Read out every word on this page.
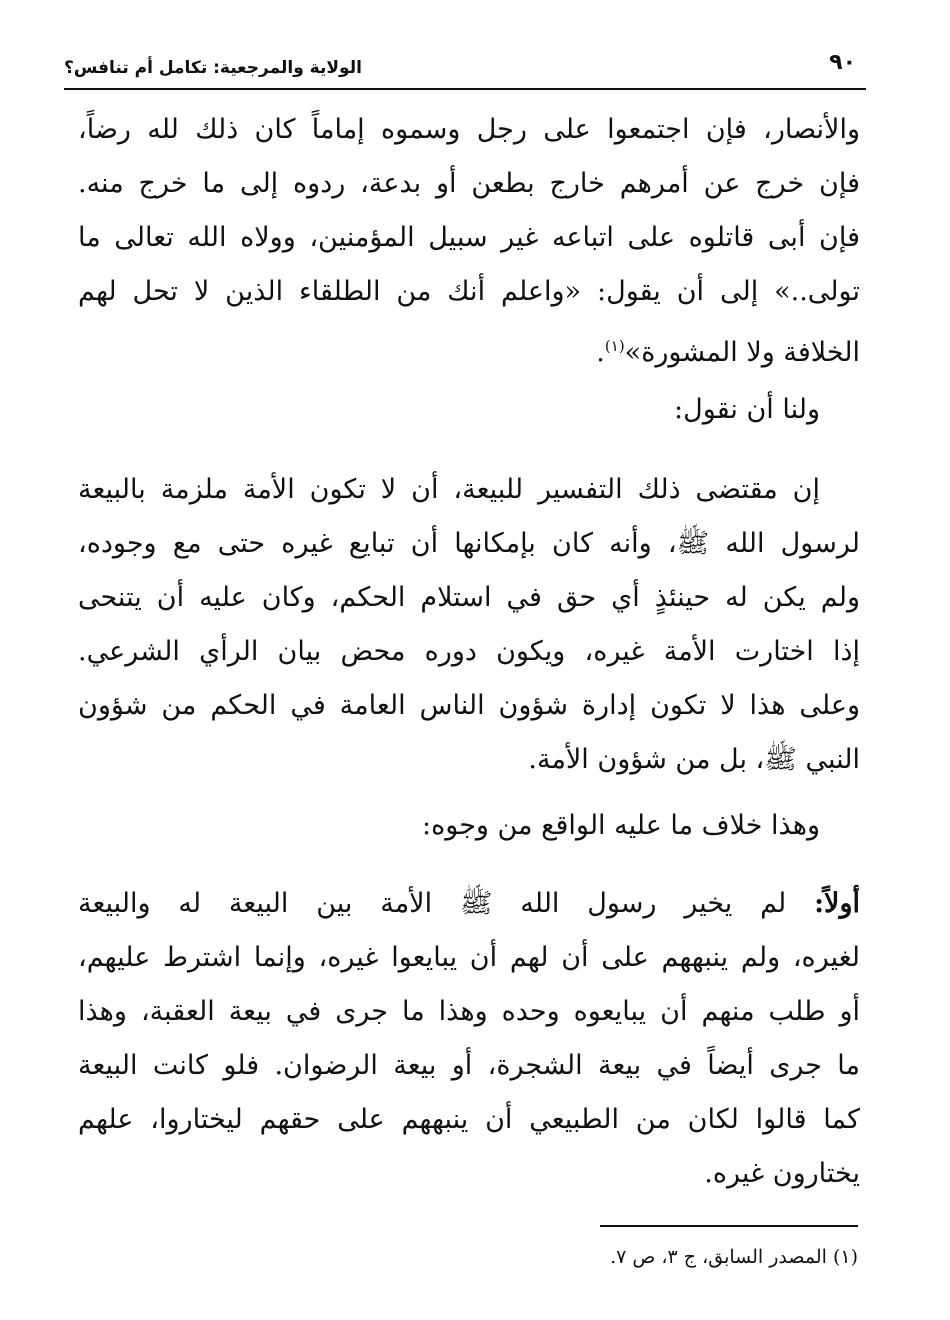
٩٠
الولاية والمرجعية: تكامل أم تنافس؟
والأنصار، فإن اجتمعوا على رجل وسموه إماماً كان ذلك لله رضاً،
فإن خرج عن أمرهم خارج بطعن أو بدعة، ردوه إلى ما خرج منه.
فإن أبى قاتلوه على اتباعه غير سبيل المؤمنين، وولاه الله تعالى ما
تولى..» إلى أن يقول: «واعلم أنك من الطلقاء الذين لا تحل لهم
الخلافة ولا المشورة»$^{(١)}$.
ولنا أن نقول:
إن مقتضى ذلك التفسير للبيعة، أن لا تكون الأمة ملزمة بالبيعة
لرسول الله ﷺ، وأنه كان بإمكانها أن تبايع غيره حتى مع وجوده،
ولم يكن له حينئذٍ أي حق في استلام الحكم، وكان عليه أن يتنحى
إذا اختارت الأمة غيره، ويكون دوره محض بيان الرأي الشرعي.
وعلى هذا لا تكون إدارة شؤون الناس العامة في الحكم من شؤون
النبي ﷺ، بل من شؤون الأمة.
وهذا خلاف ما عليه الواقع من وجوه:
أولاً: لم يخير رسول الله ﷺ الأمة بين البيعة له والبيعة
لغيره، ولم ينبههم على أن لهم أن يبايعوا غيره، وإنما اشترط عليهم،
أو طلب منهم أن يبايعوه وحده وهذا ما جرى في بيعة العقبة، وهذا
ما جرى أيضاً في بيعة الشجرة، أو بيعة الرضوان. فلو كانت البيعة
كما قالوا لكان من الطبيعي أن ينبههم على حقهم ليختاروا، علهم
يختارون غيره.
(١) المصدر السابق، ج ٣، ص ٧.
